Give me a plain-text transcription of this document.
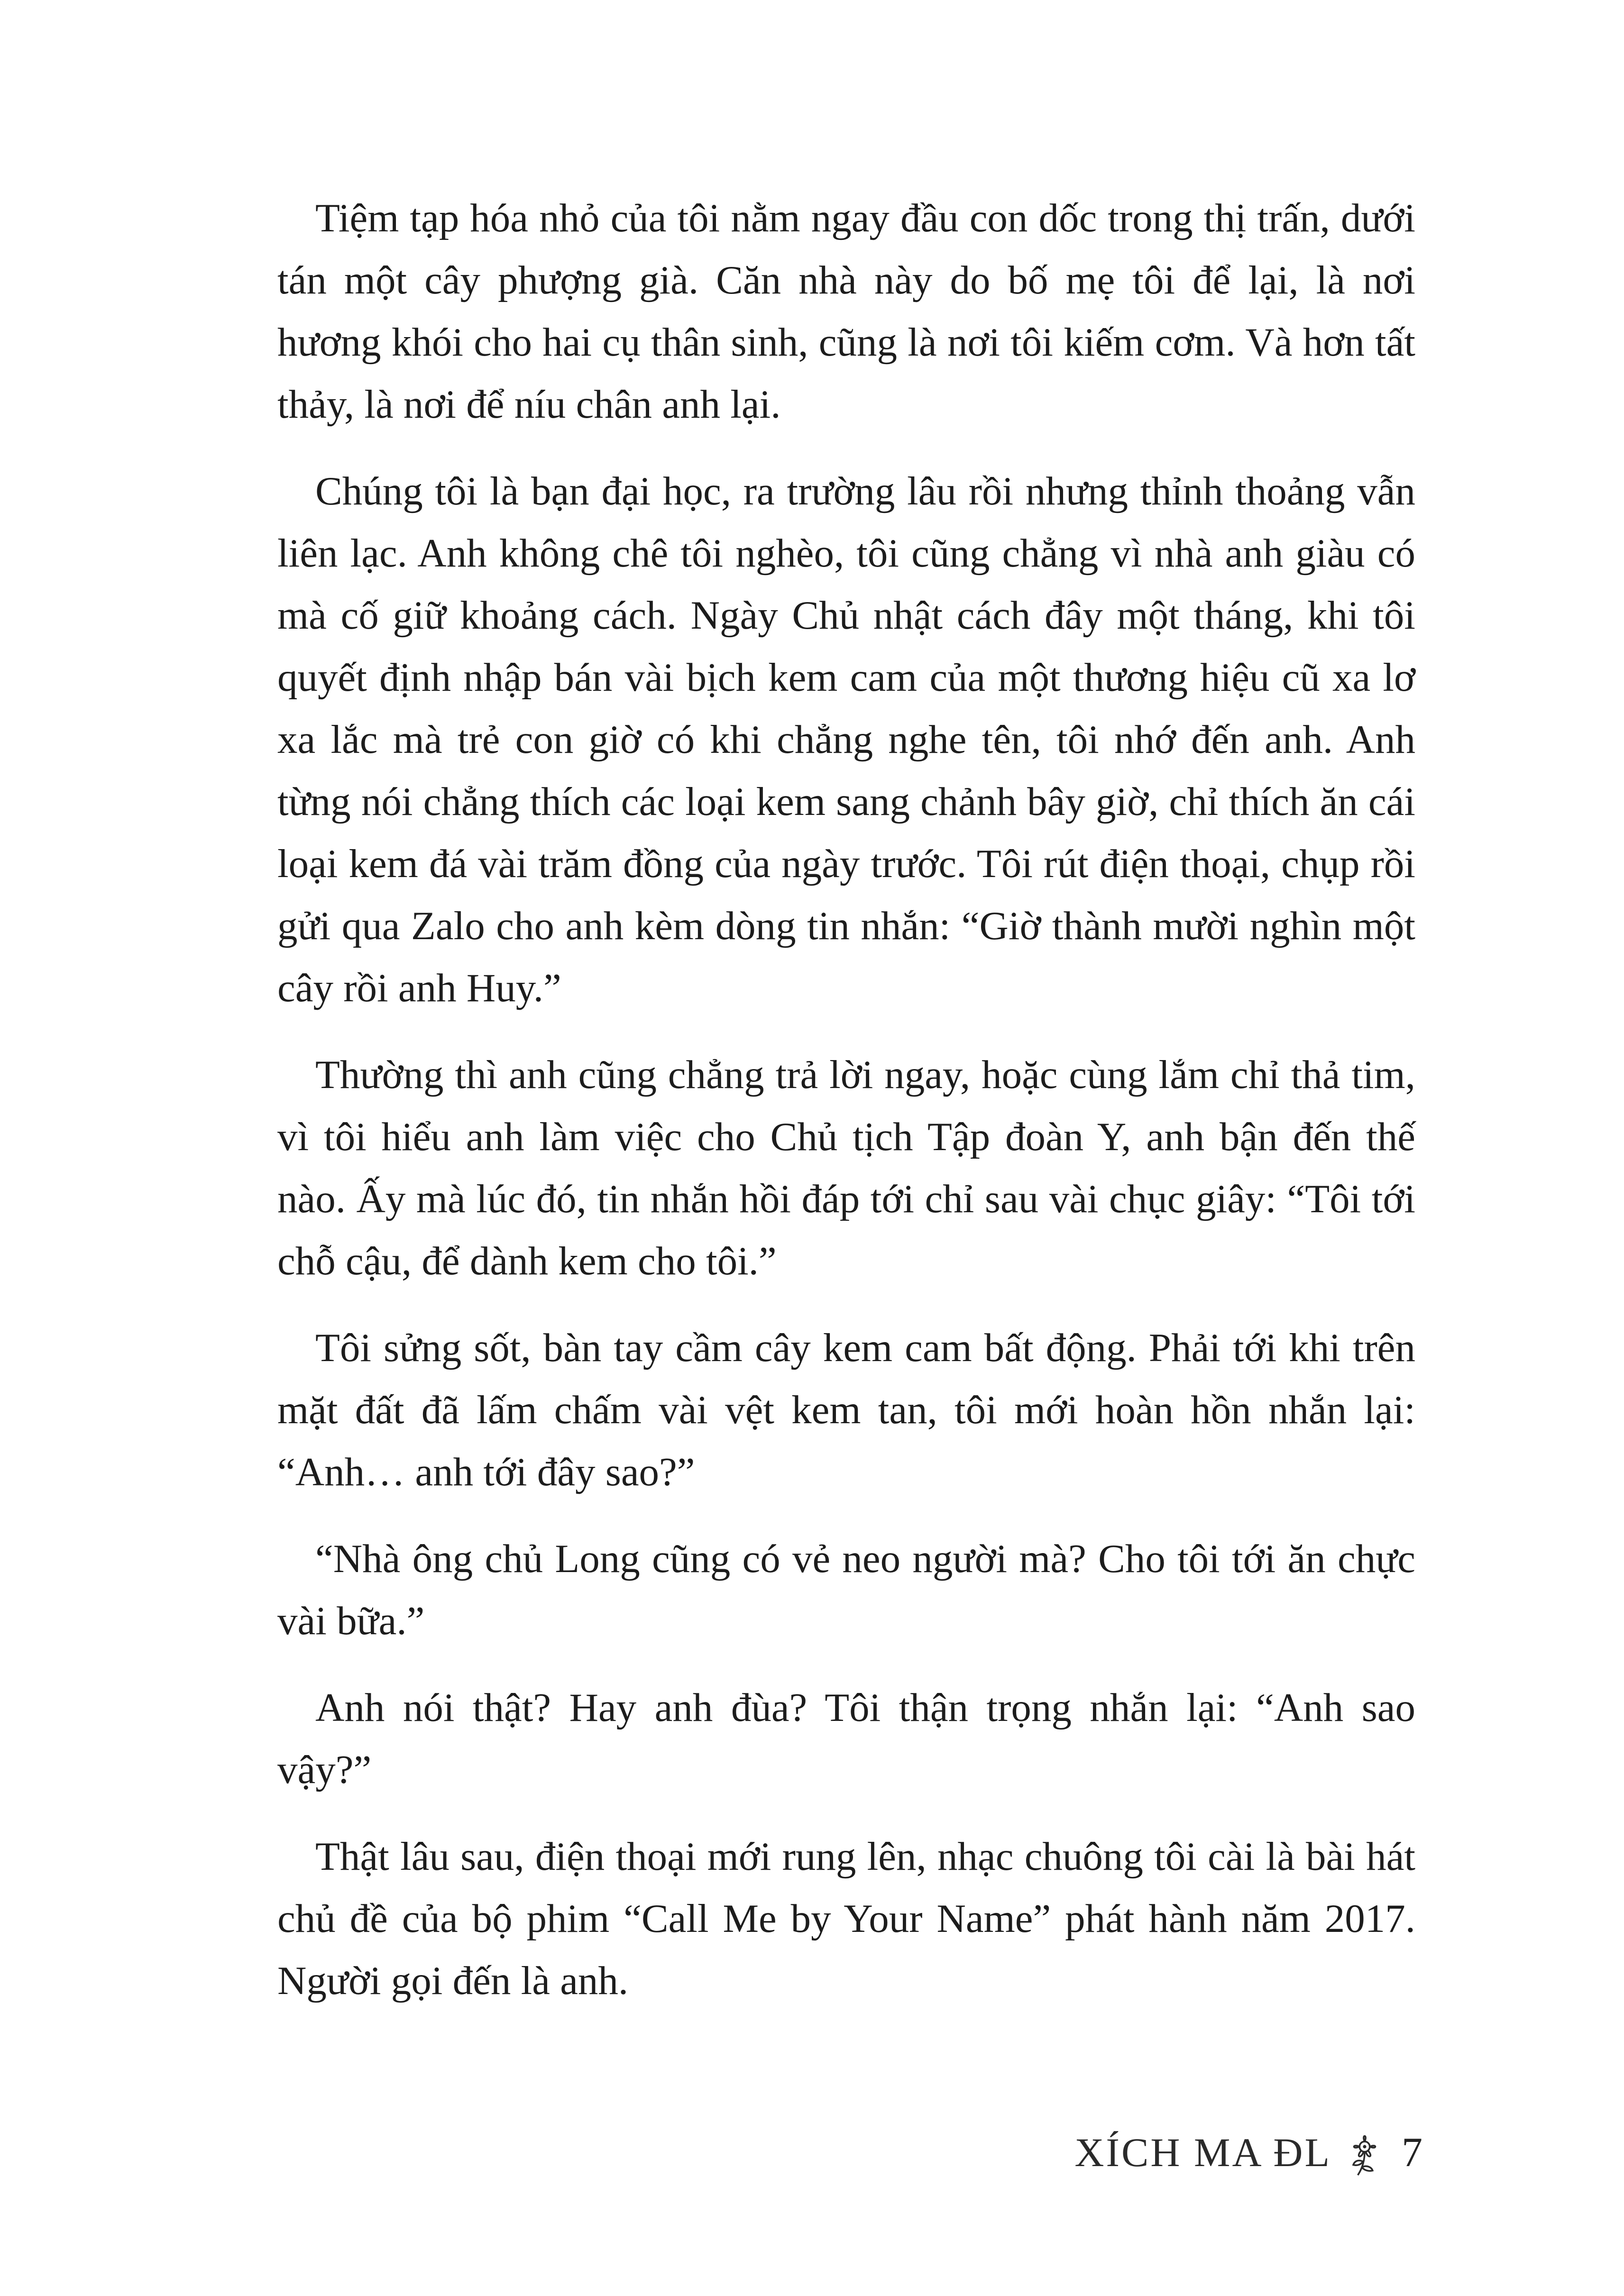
Tiệm tạp hóa nhỏ của tôi nằm ngay đầu con dốc trong thị trấn, dưới tán một cây phượng già. Căn nhà này do bố mẹ tôi để lại, là nơi hương khói cho hai cụ thân sinh, cũng là nơi tôi kiếm cơm. Và hơn tất thảy, là nơi để níu chân anh lại.

Chúng tôi là bạn đại học, ra trường lâu rồi nhưng thỉnh thoảng vẫn liên lạc. Anh không chê tôi nghèo, tôi cũng chẳng vì nhà anh giàu có mà cố giữ khoảng cách. Ngày Chủ nhật cách đây một tháng, khi tôi quyết định nhập bán vài bịch kem cam của một thương hiệu cũ xa lơ xa lắc mà trẻ con giờ có khi chẳng nghe tên, tôi nhớ đến anh. Anh từng nói chẳng thích các loại kem sang chảnh bây giờ, chỉ thích ăn cái loại kem đá vài trăm đồng của ngày trước. Tôi rút điện thoại, chụp rồi gửi qua Zalo cho anh kèm dòng tin nhắn: “Giờ thành mười nghìn một cây rồi anh Huy.”

Thường thì anh cũng chẳng trả lời ngay, hoặc cùng lắm chỉ thả tim, vì tôi hiểu anh làm việc cho Chủ tịch Tập đoàn Y, anh bận đến thế nào. Ấy mà lúc đó, tin nhắn hồi đáp tới chỉ sau vài chục giây: “Tôi tới chỗ cậu, để dành kem cho tôi.”

Tôi sửng sốt, bàn tay cầm cây kem cam bất động. Phải tới khi trên mặt đất đã lấm chấm vài vệt kem tan, tôi mới hoàn hồn nhắn lại: “Anh… anh tới đây sao?”

“Nhà ông chủ Long cũng có vẻ neo người mà? Cho tôi tới ăn chực vài bữa.”

Anh nói thật? Hay anh đùa? Tôi thận trọng nhắn lại: “Anh sao vậy?”

Thật lâu sau, điện thoại mới rung lên, nhạc chuông tôi cài là bài hát chủ đề của bộ phim “Call Me by Your Name” phát hành năm 2017. Người gọi đến là anh.

XÍCH MA ĐL 7
